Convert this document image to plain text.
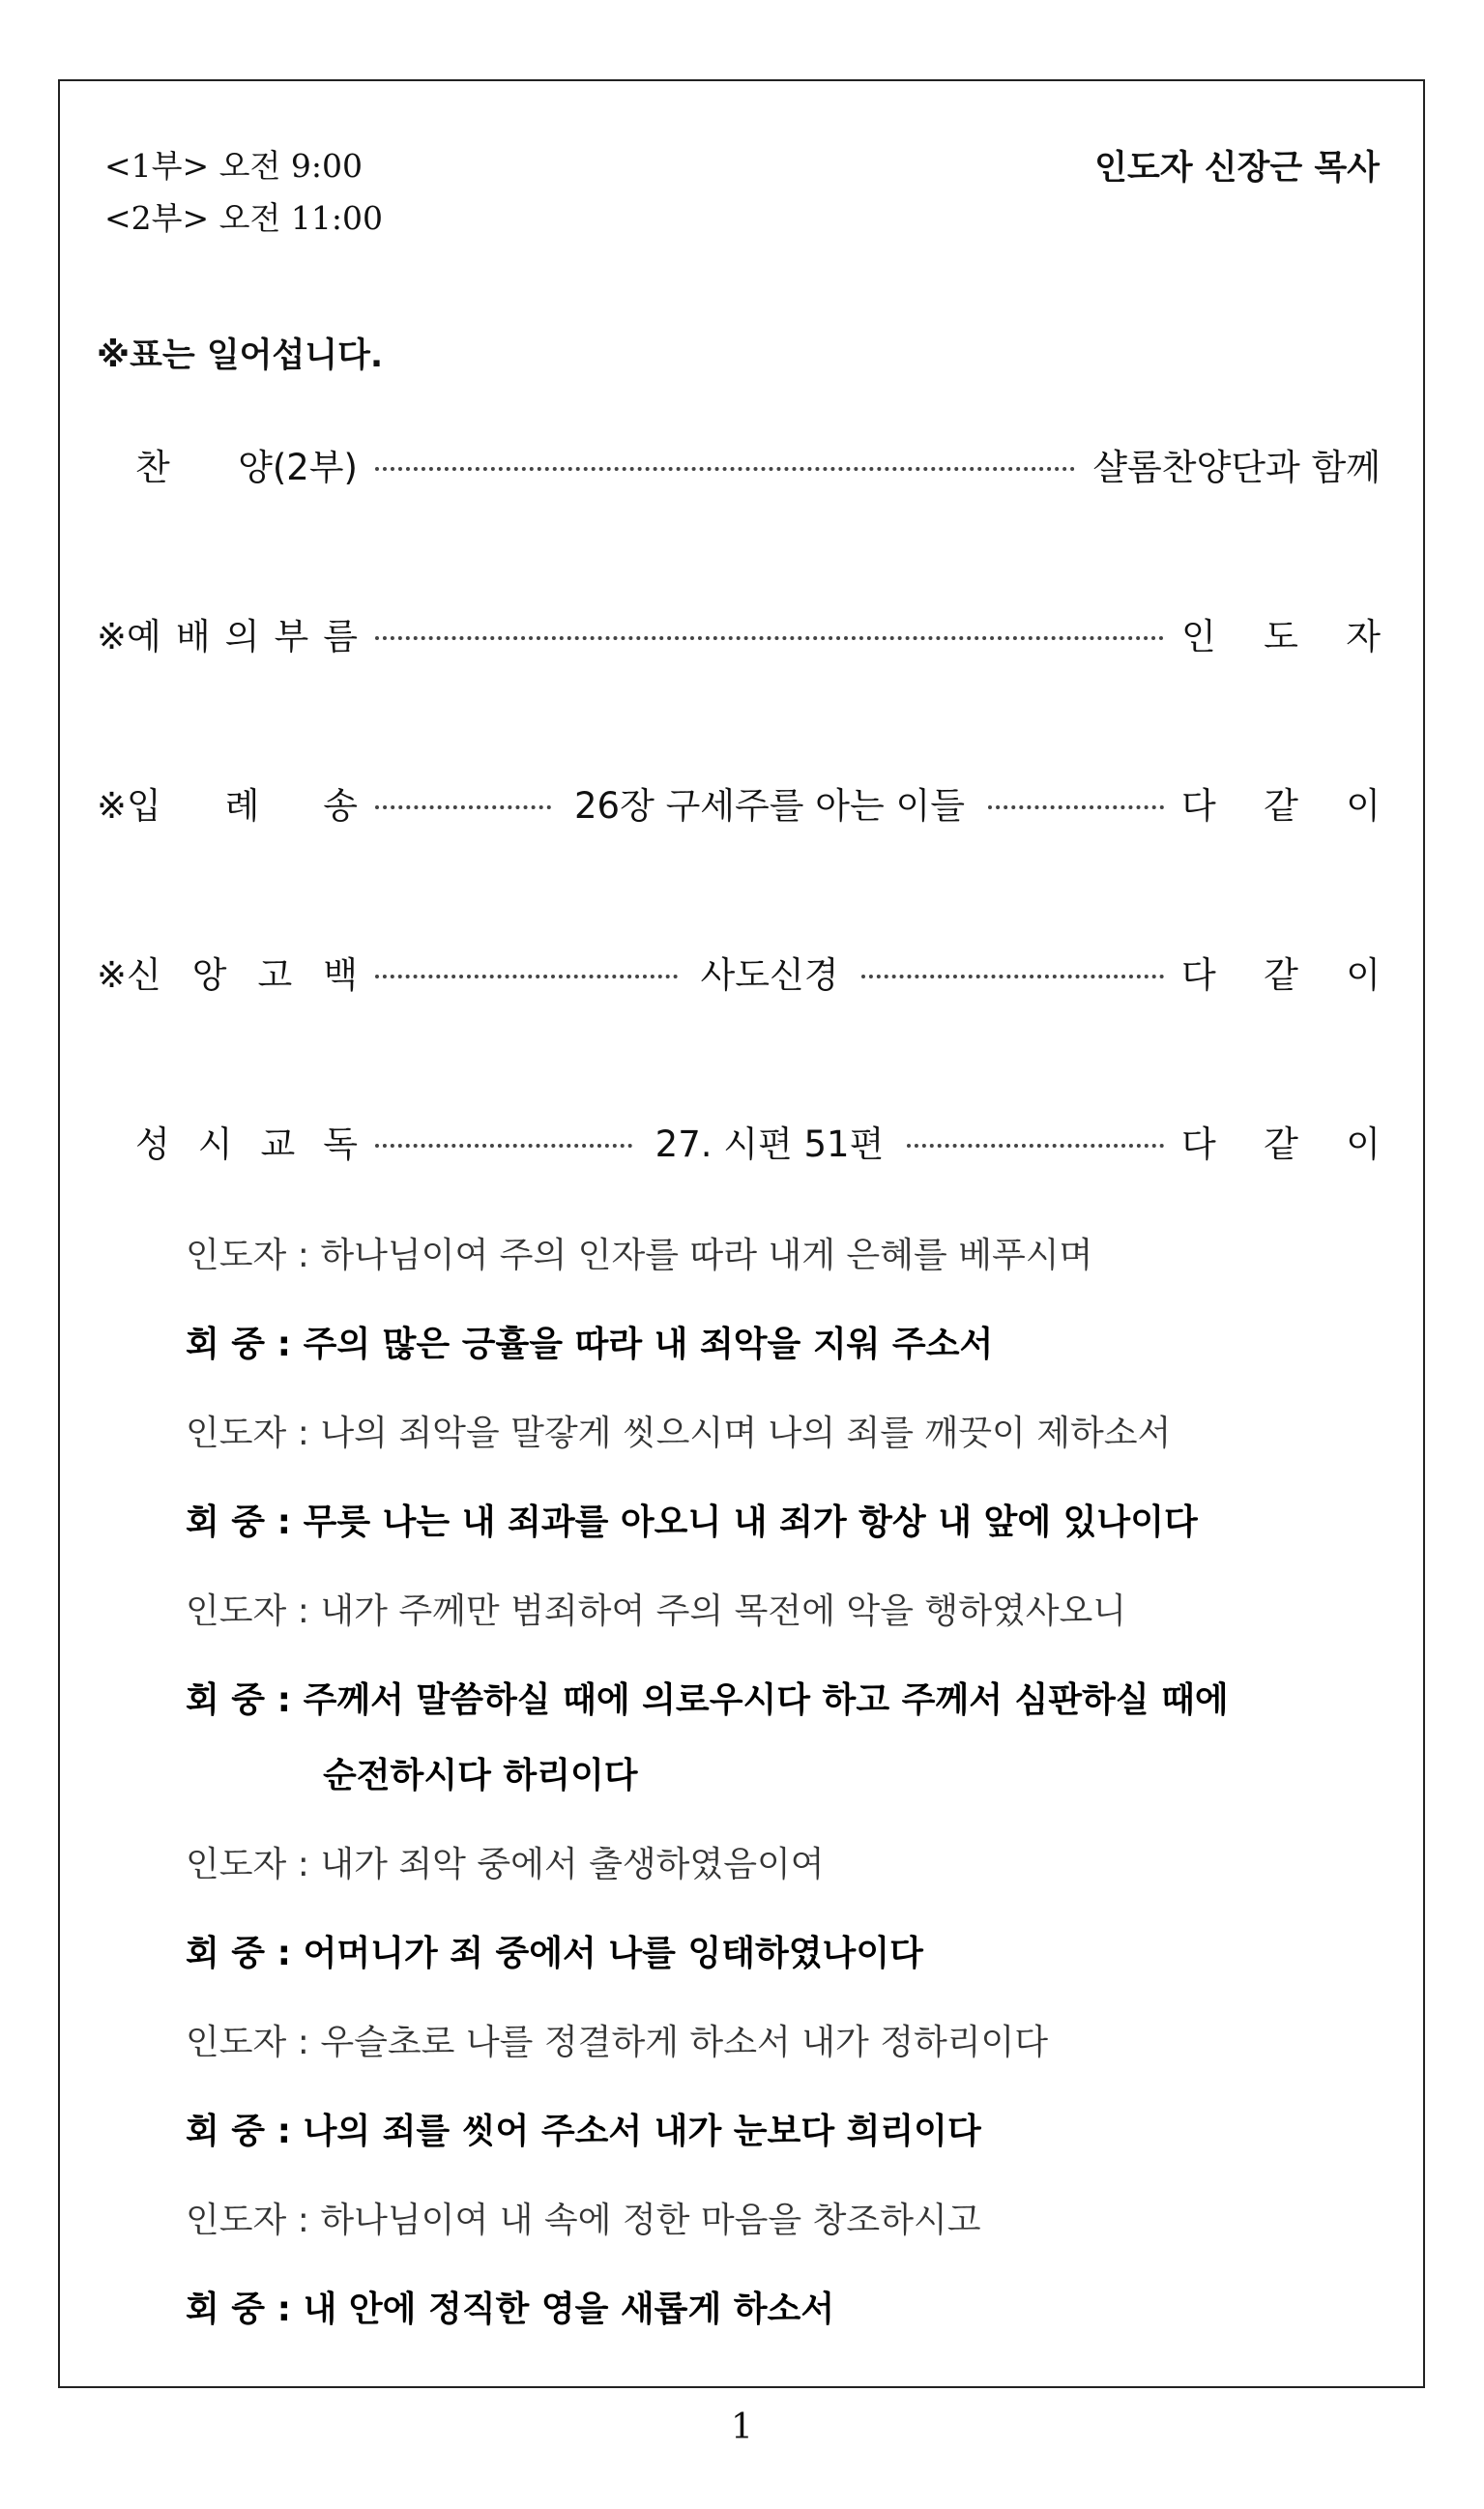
<1부> 오전 9:00
<2부> 오전 11:00
인도자 신장근 목사
※표는 일어섭니다.
찬 양(2부)	샬롬찬양단과 함께
※예 배 의 부 름	인 도 자
※입 례 송	26장 구세주를 아는 이들	다 같 이
※신 앙 고 백	사도신경	다 같 이
성 시 교 독	27. 시편 51편	다 같 이
인도자 : 하나님이여 주의 인자를 따라 내게 은혜를 베푸시며
회 중 : 주의 많은 긍휼을 따라 내 죄악을 지워 주소서
인도자 : 나의 죄악을 말갛게 씻으시며 나의 죄를 깨끗이 제하소서
회 중 : 무릇 나는 내 죄과를 아오니 내 죄가 항상 내 앞에 있나이다
인도자 : 내가 주께만 범죄하여 주의 목전에 악을 행하였사오니
회 중 : 주께서 말씀하실 때에 의로우시다 하고 주께서 심판하실 때에
순전하시다 하리이다
인도자 : 내가 죄악 중에서 출생하였음이여
회 중 : 어머니가 죄 중에서 나를 잉태하였나이다
인도자 : 우슬초로 나를 정결하게 하소서 내가 정하리이다
회 중 : 나의 죄를 씻어 주소서 내가 눈보다 희리이다
인도자 : 하나님이여 내 속에 정한 마음을 창조하시고
회 중 : 내 안에 정직한 영을 새롭게 하소서
1
